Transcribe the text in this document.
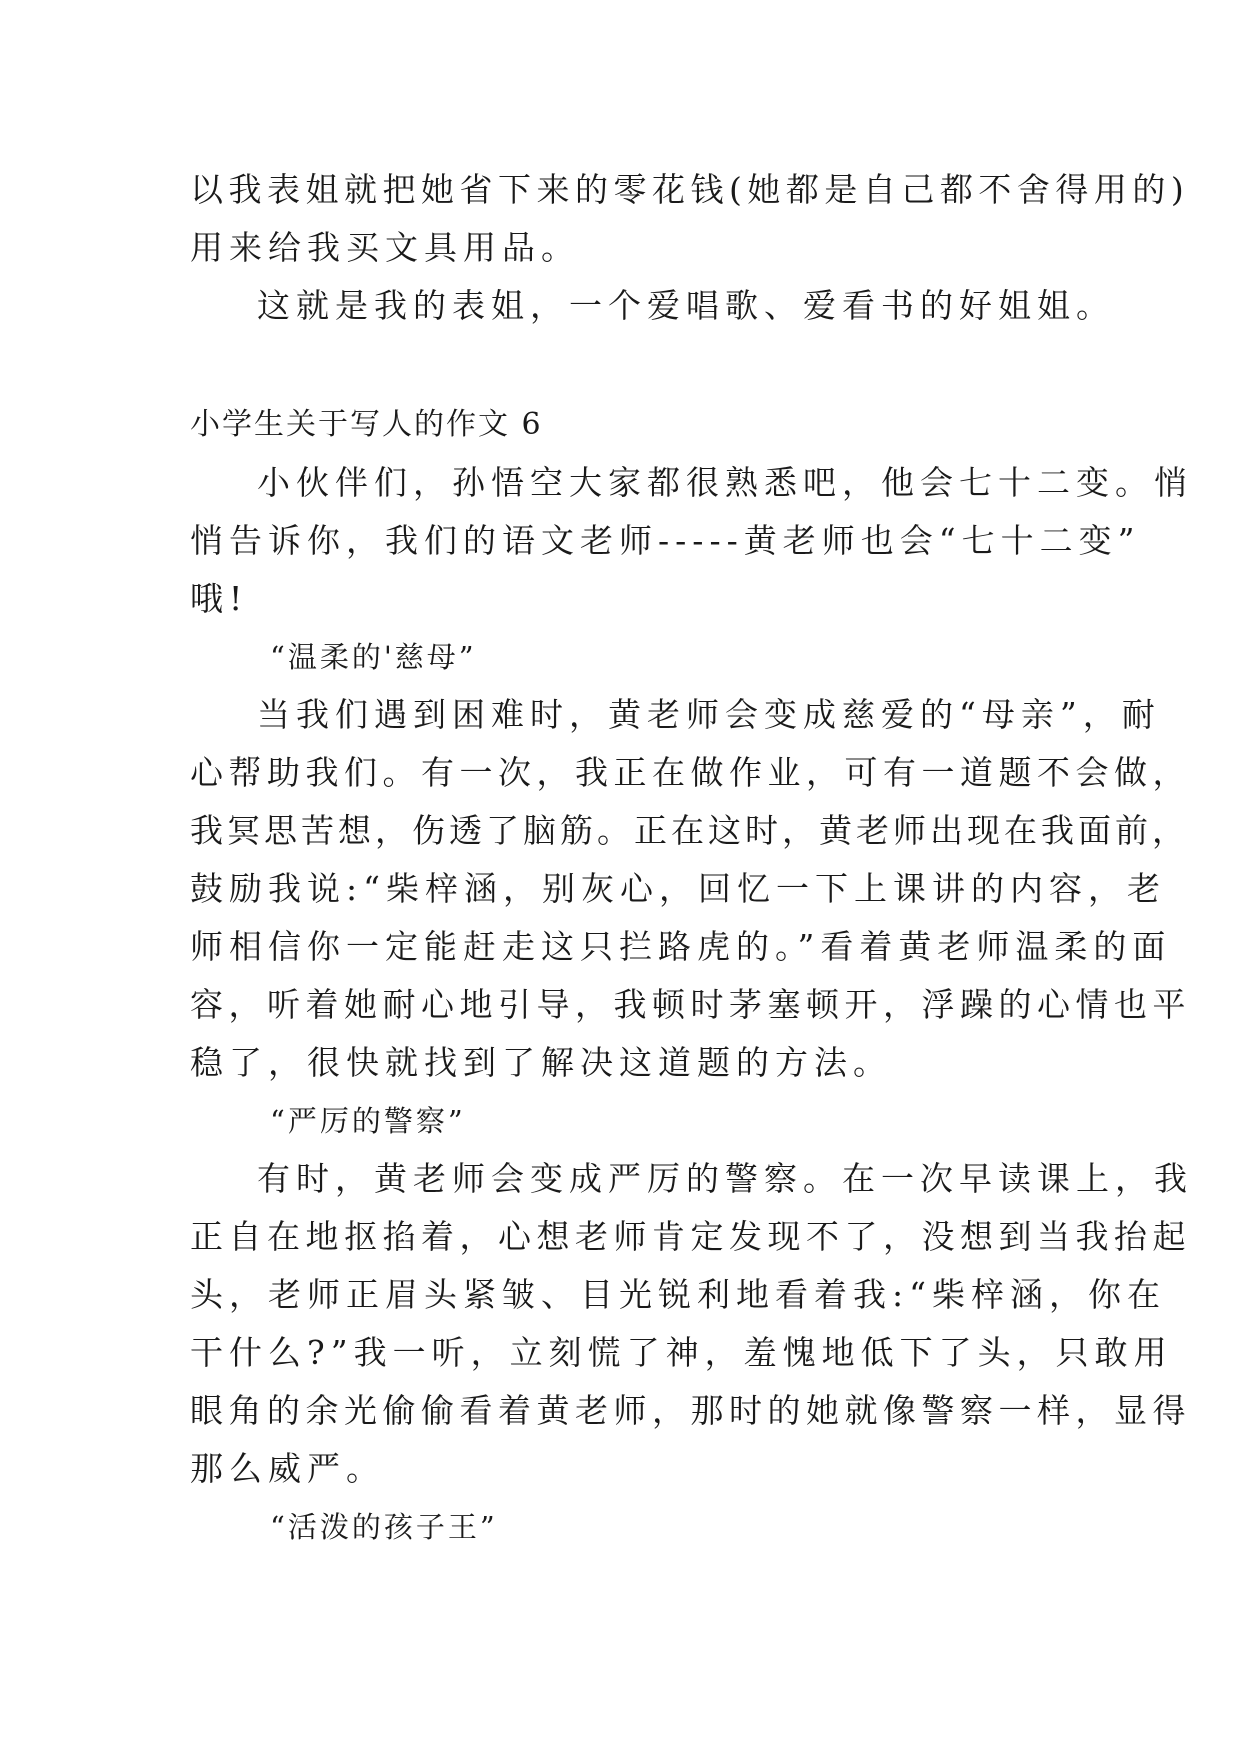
以我表姐就把她省下来的零花钱(她都是自己都不舍得用的)
用来给我买文具用品。
这就是我的表姐，一个爱唱歌、爱看书的好姐姐。
小学生关于写人的作文 6
小伙伴们，孙悟空大家都很熟悉吧，他会七十二变。悄
悄告诉你，我们的语文老师-----黄老师也会“七十二变”
哦!
“温柔的'慈母”
当我们遇到困难时，黄老师会变成慈爱的“母亲”，耐
心帮助我们。有一次，我正在做作业，可有一道题不会做，
我冥思苦想，伤透了脑筋。正在这时，黄老师出现在我面前，
鼓励我说:“柴梓涵，别灰心，回忆一下上课讲的内容，老
师相信你一定能赶走这只拦路虎的。”看着黄老师温柔的面
容，听着她耐心地引导，我顿时茅塞顿开，浮躁的心情也平
稳了，很快就找到了解决这道题的方法。
“严厉的警察”
有时，黄老师会变成严厉的警察。在一次早读课上，我
正自在地抠掐着，心想老师肯定发现不了，没想到当我抬起
头，老师正眉头紧皱、目光锐利地看着我:“柴梓涵，你在
干什么?”我一听，立刻慌了神，羞愧地低下了头，只敢用
眼角的余光偷偷看着黄老师，那时的她就像警察一样，显得
那么威严。
“活泼的孩子王”
